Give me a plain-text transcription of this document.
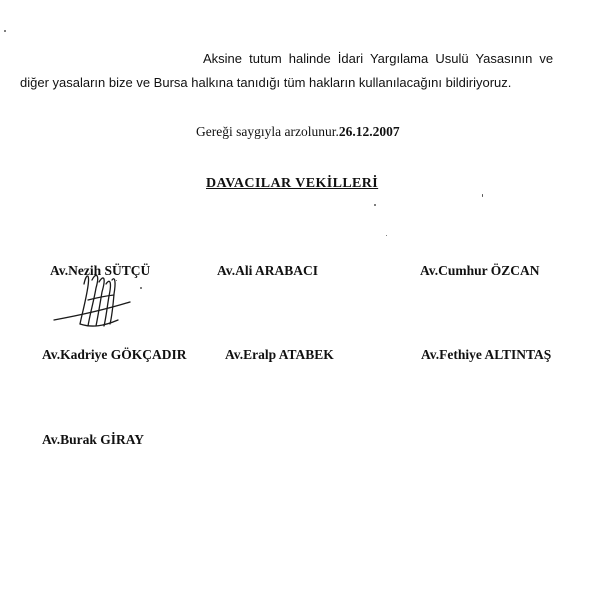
Aksine tutum halinde İdari Yargılama Usulü Yasasının ve
diğer yasaların bize ve Bursa halkına tanıdığı tüm hakların kullanılacağını bildiriyoruz.
Gereği saygıyla arzolunur.26.12.2007
DAVACILAR VEKİLLERİ
Av.Nezih SÜTÇÜ	Av.Ali ARABACI	Av.Cumhur ÖZCAN
Av.Kadriye GÖKÇADIR	Av.Eralp ATABEK	Av.Fethiye ALTINTAŞ
Av.Burak GİRAY
